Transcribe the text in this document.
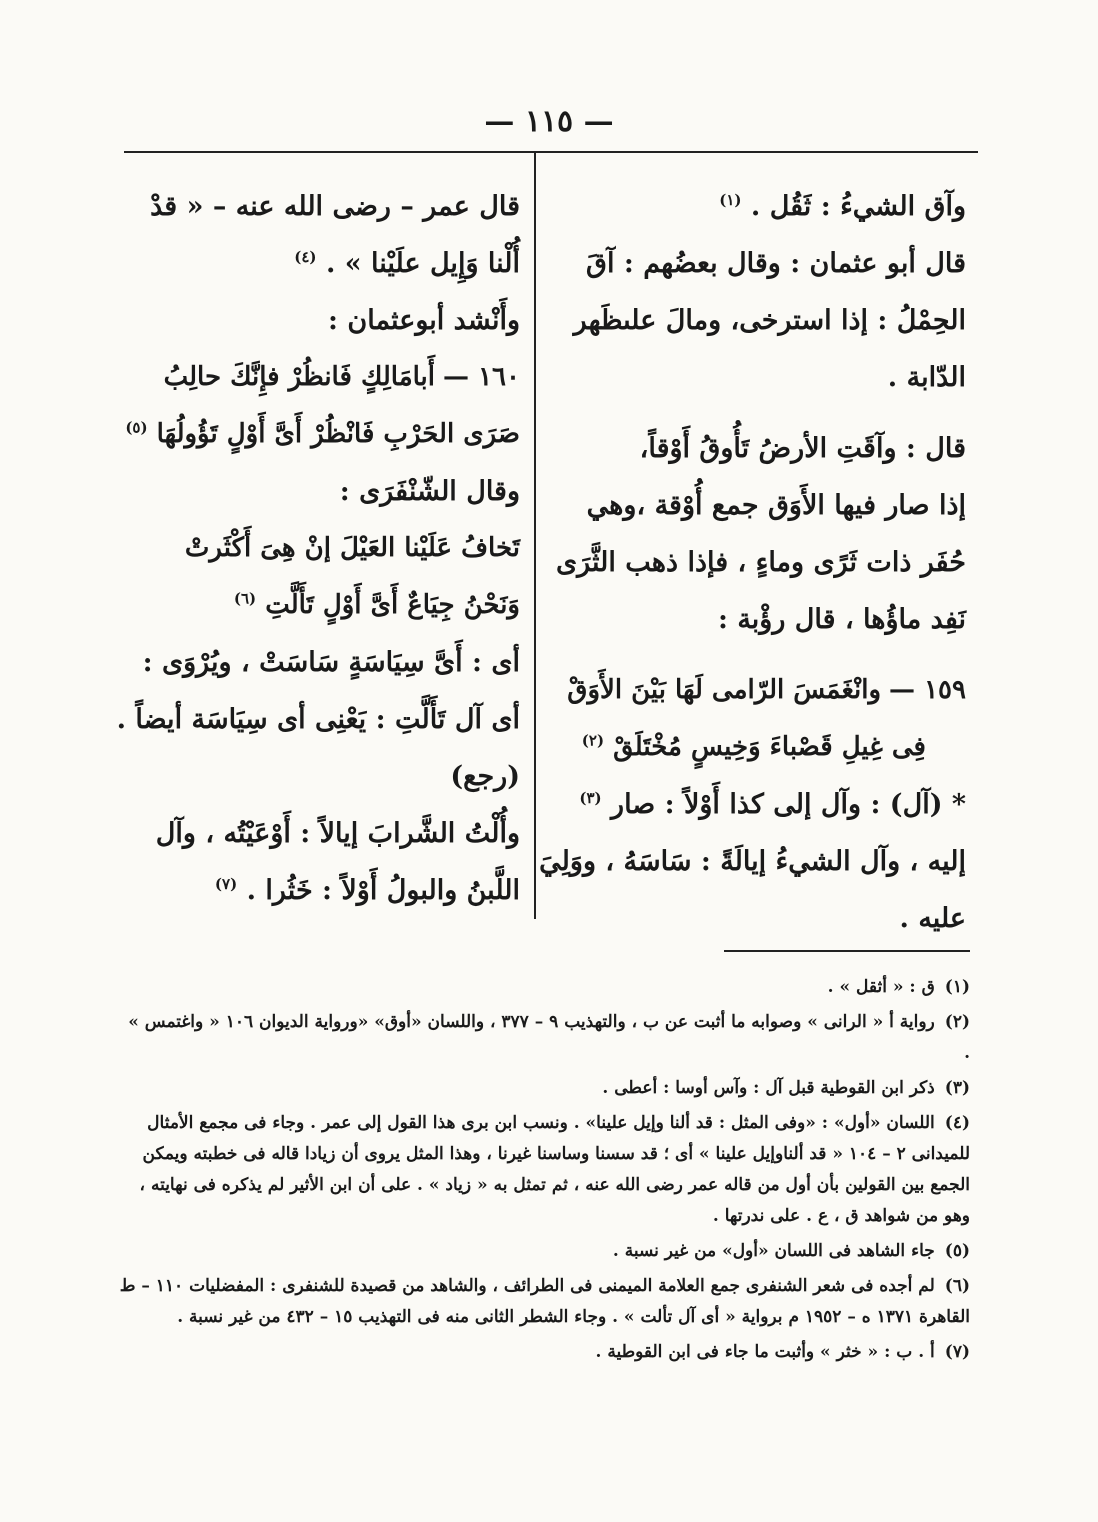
— ١١٥ —

وآق الشيءُ : ثَقُل . $^{(١)}$

قال أبو عثمان : وقال بعضُهم : آقَ

الحِمْلُ : إذا استرخى، ومالَ علىظَهر

الدّابة .

قال : وآقَتِ الأرضُ تَأُوقُ أَوْقاً،

إذا صار فيها الأَوَق جمع أُوْقة ،وهي

حُفَر ذات ثَرًى وماءٍ ، فإذا ذهب الثَّرَى

نَفِد ماؤُها ، قال رؤْبة :

١٥٩ —وانْغَمَسَ الرّامى لَهَا بَيْنَ الأَوَقْ

فِى غِيلِ قَصْباءَ وَخِيسٍ مُخْتَلَقْ $^{(٢)}$

* (آل) : وآل إلى كذا أَوْلاً : صار $^{(٣)}$

إليه ، وآل الشيءُ إيالَةً : سَاسَهُ ، ووَلِيَ

عليه .

قال عمر – رضى الله عنه – « قدْ

أُلْنا وَإِيل علَيْنا » . $^{(٤)}$

وأَنْشد أبوعثمان :

١٦٠ —أَبامَالِكٍ فَانظُرْ فإِنَّكَ حالِبُ

صَرَى الحَرْبِ فَانْظُرْ أَىَّ أَوْلٍ تَؤُولُهَا $^{(٥)}$

وقال الشّنْفَرَى :

تَخافُ عَلَيْنا العَيْلَ إنْ هِىَ أَكْثَرتْ

وَنَحْنُ جِيَاعٌ أَىَّ أَوْلٍ تَأَلَّتِ $^{(٦)}$

أى : أَىَّ سِيَاسَةٍ سَاسَتْ ، ويُرْوَى :

أى آل تَأَلَّتِ : يَعْنِى أى سِيَاسَة أيضاً .

(رجع)

وأُلْتُ الشَّرابَ إيالاً : أَوْعَيْتُه ، وآل

اللَّبنُ والبولُ أَوْلاً : خَثُرا . $^{(٧)}$

(١)ق : « أثقل » .

(٢)رواية أ « الرانى » وصوابه ما أثبت عن ب ، والتهذيب ٩ – ٣٧٧ ، واللسان «أوق» «ورواية الديوان ١٠٦ « واغتمس » .

(٣)ذكر ابن القوطية قبل آل : وآس أوسا : أعطى .

(٤)اللسان «أول» : «وفى المثل : قد ألنا وإيل علينا» . ونسب ابن برى هذا القول إلى عمر . وجاء فى مجمع الأمثال للميدانى ٢ – ١٠٤ « قد ألناوإيل علينا » أى ؛ قد سسنا وساسنا غيرنا ، وهذا المثل يروى أن زيادا قاله فى خطبته ويمكن الجمع بين القولين بأن أول من قاله عمر رضى الله عنه ، ثم تمثل به « زياد » . على أن ابن الأثير لم يذكره فى نهايته ، وهو من شواهد ق ، ع . على ندرتها .

(٥)جاء الشاهد فى اللسان «أول» من غير نسبة .

(٦)لم أجده فى شعر الشنفرى جمع العلامة الميمنى فى الطرائف ، والشاهد من قصيدة للشنفرى : المفضليات ١١٠ – ط القاهرة ١٣٧١ ه – ١٩٥٢ م برواية « أى آل تألت » . وجاء الشطر الثانى منه فى التهذيب ١٥ – ٤٣٢ من غير نسبة .

(٧)أ . ب : « خثر » وأثبت ما جاء فى ابن القوطية .
